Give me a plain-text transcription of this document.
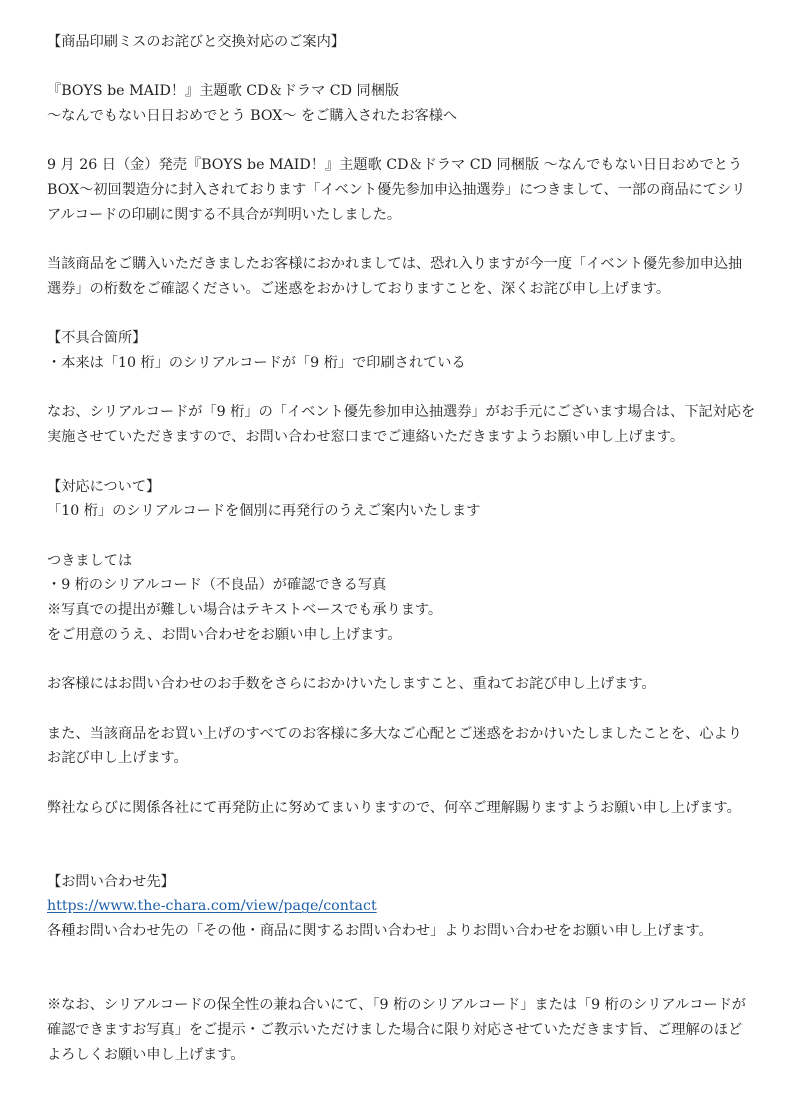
【商品印刷ミスのお詫びと交換対応のご案内】
『BOYS be MAID！』主題歌 CD＆ドラマ CD 同梱版
〜なんでもない日日おめでとう BOX〜 をご購入されたお客様へ
9 月 26 日（金）発売『BOYS be MAID！』主題歌 CD＆ドラマ CD 同梱版 〜なんでもない日日おめでとう
BOX〜初回製造分に封入されております「イベント優先参加申込抽選券」につきまして、一部の商品にてシリ
アルコードの印刷に関する不具合が判明いたしました。
当該商品をご購入いただきましたお客様におかれましては、恐れ入りますが今一度「イベント優先参加申込抽
選券」の桁数をご確認ください。ご迷惑をおかけしておりますことを、深くお詫び申し上げます。
【不具合箇所】
・本来は「10 桁」のシリアルコードが「9 桁」で印刷されている
なお、シリアルコードが「9 桁」の「イベント優先参加申込抽選券」がお手元にございます場合は、下記対応を
実施させていただきますので、お問い合わせ窓口までご連絡いただきますようお願い申し上げます。
【対応について】
「10 桁」のシリアルコードを個別に再発行のうえご案内いたします
つきましては
・9 桁のシリアルコード（不良品）が確認できる写真
※写真での提出が難しい場合はテキストベースでも承ります。
をご用意のうえ、お問い合わせをお願い申し上げます。
お客様にはお問い合わせのお手数をさらにおかけいたしますこと、重ねてお詫び申し上げます。
また、当該商品をお買い上げのすべてのお客様に多大なご心配とご迷惑をおかけいたしましたことを、心より
お詫び申し上げます。
弊社ならびに関係各社にて再発防止に努めてまいりますので、何卒ご理解賜りますようお願い申し上げます。
【お問い合わせ先】
https://www.the-chara.com/view/page/contact
各種お問い合わせ先の「その他・商品に関するお問い合わせ」よりお問い合わせをお願い申し上げます。
※なお、シリアルコードの保全性の兼ね合いにて、「9 桁のシリアルコード」または「9 桁のシリアルコードが
確認できますお写真」をご提示・ご教示いただけました場合に限り対応させていただきます旨、ご理解のほど
よろしくお願い申し上げます。
